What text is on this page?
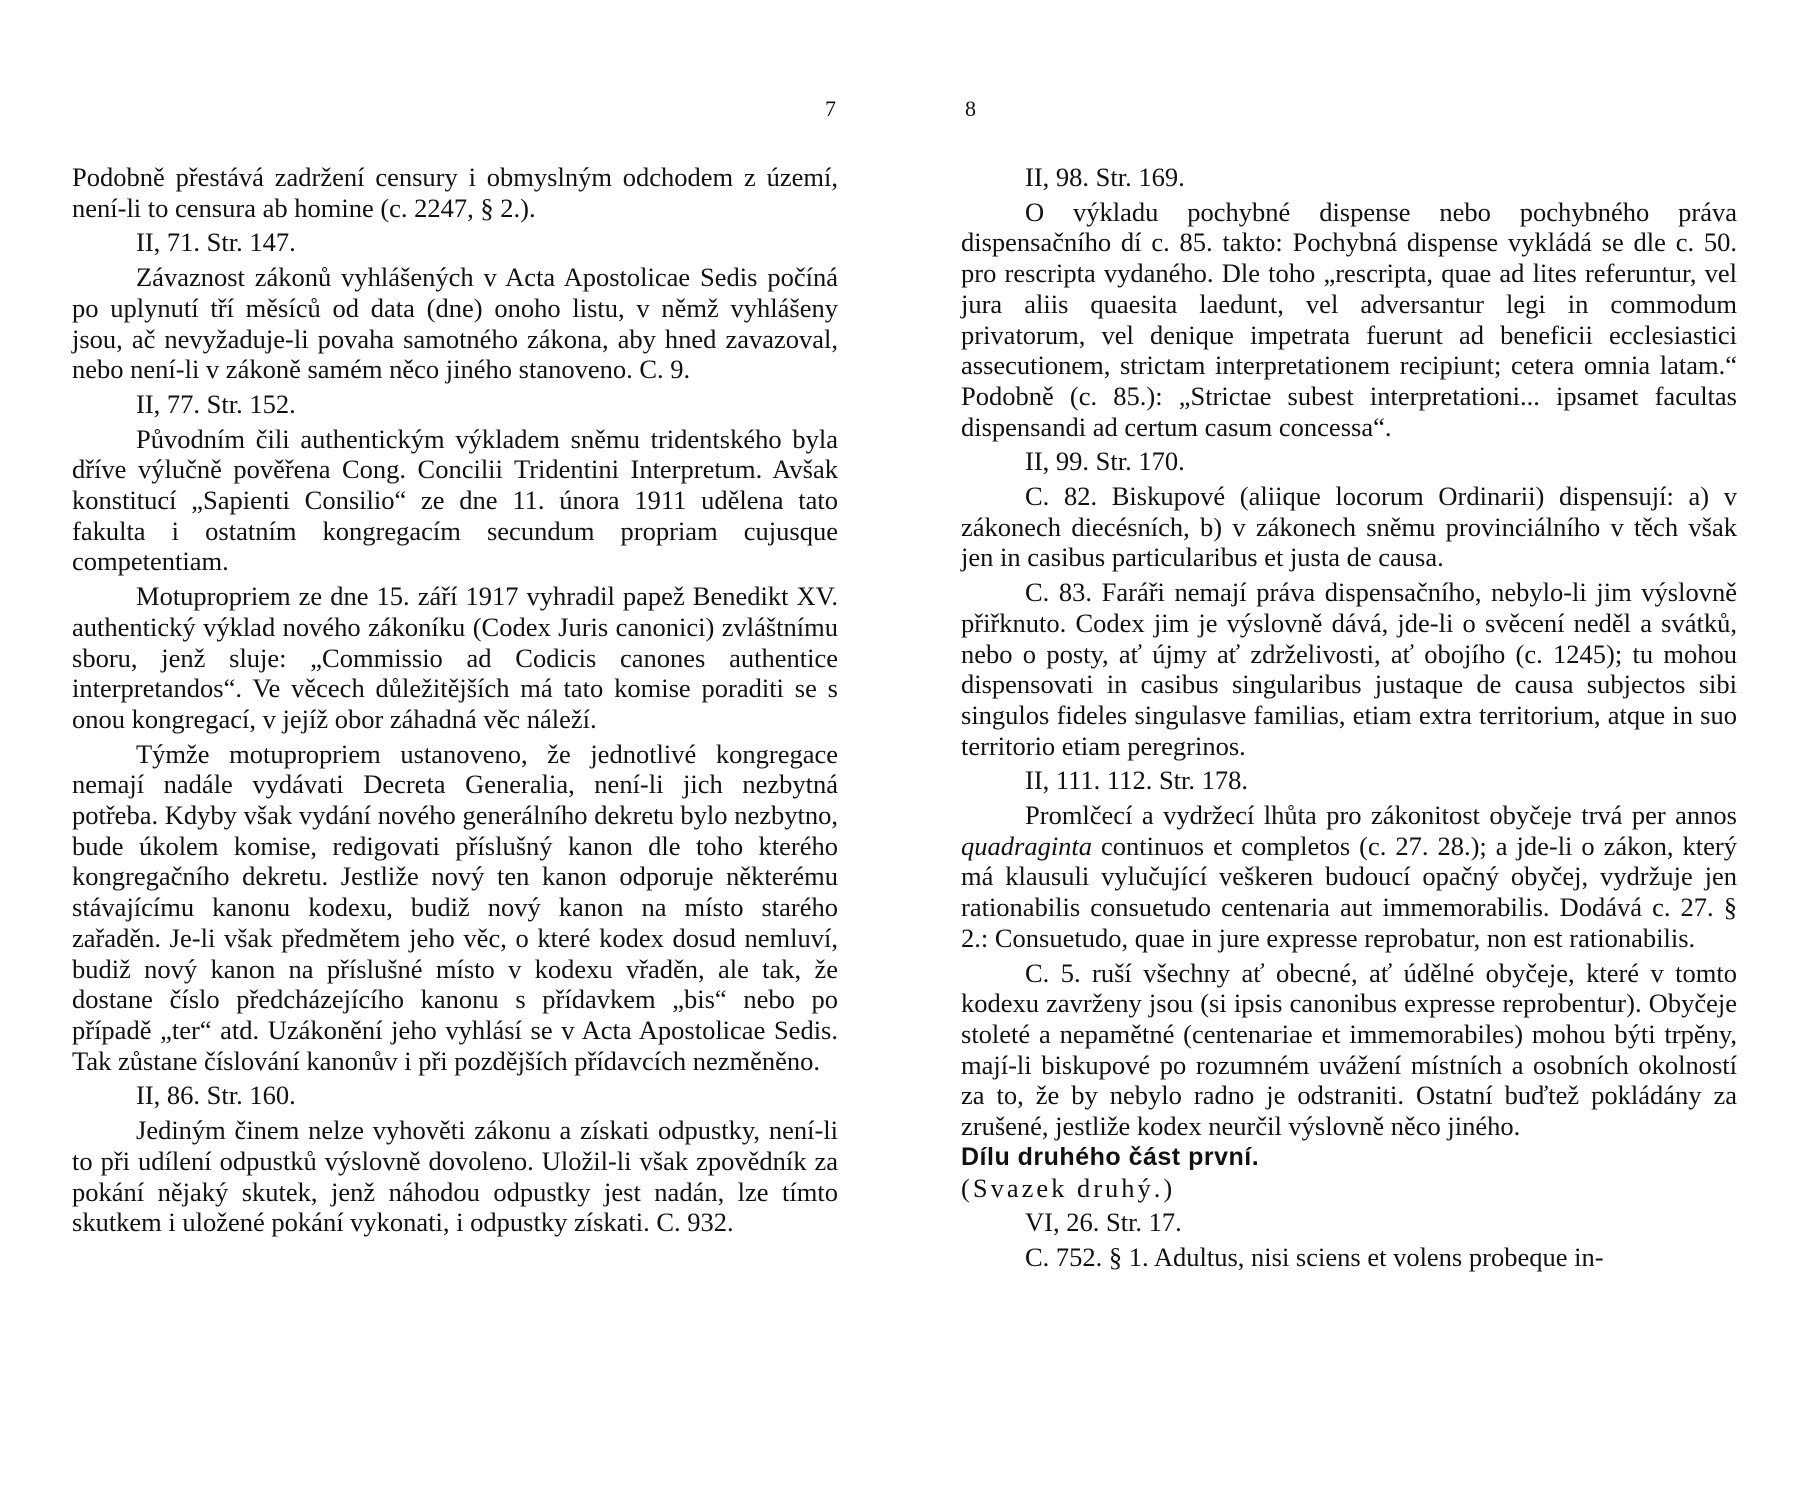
7

Podobně přestává zadržení censury i obmyslným odchodem z území, není-li to censura ab homine (c. 2247, § 2.).

II, 71. Str. 147.

Závaznost zákonů vyhlášených v Acta Apostolicae Sedis počíná po uplynutí tří měsíců od data (dne) onoho listu, v němž vyhlášeny jsou, ač nevyžaduje-li povaha samotného zákona, aby hned zavazoval, nebo není-li v zákoně samém něco jiného stanoveno. C. 9.

II, 77. Str. 152.

Původním čili authentickým výkladem sněmu tridentského byla dříve výlučně pověřena Cong. Concilii Tridentini Interpretum. Avšak konstitucí „Sapienti Consilio“ ze dne 11. února 1911 udělena tato fakulta i ostatním kongregacím secundum propriam cujusque competentiam.

Motupropriem ze dne 15. září 1917 vyhradil papež Benedikt XV. authentický výklad nového zákoníku (Codex Juris canonici) zvláštnímu sboru, jenž sluje: „Commissio ad Codicis canones authentice interpretandos“. Ve věcech důležitějších má tato komise poraditi se s onou kongregací, v jejíž obor záhadná věc náleží.

Týmže motupropriem ustanoveno, že jednotlivé kongregace nemají nadále vydávati Decreta Generalia, není-li jich nezbytná potřeba. Kdyby však vydání nového generálního dekretu bylo nezbytno, bude úkolem komise, redigovati příslušný kanon dle toho kterého kongregačního dekretu. Jestliže nový ten kanon odporuje některému stávajícímu kanonu kodexu, budiž nový kanon na místo starého zařaděn. Je-li však předmětem jeho věc, o které kodex dosud nemluví, budiž nový kanon na příslušné místo v kodexu vřaděn, ale tak, že dostane číslo předcházejícího kanonu s přídavkem „bis“ nebo po případě „ter“ atd. Uzákonění jeho vyhlásí se v Acta Apostolicae Sedis. Tak zůstane číslování kanonův i při pozdějších přídavcích nezměněno.

II, 86. Str. 160.

Jediným činem nelze vyhověti zákonu a získati odpustky, není-li to při udílení odpustků výslovně dovoleno. Uložil-li však zpovědník za pokání nějaký skutek, jenž náhodou odpustky jest nadán, lze tímto skutkem i uložené pokání vykonati, i odpustky získati. C. 932.

8

II, 98. Str. 169.

O výkladu pochybné dispense nebo pochybného práva dispensačního dí c. 85. takto: Pochybná dispense vykládá se dle c. 50. pro rescripta vydaného. Dle toho „rescripta, quae ad lites referuntur, vel jura aliis quaesita laedunt, vel adversantur legi in commodum privatorum, vel denique impetrata fuerunt ad beneficii ecclesiastici assecutionem, strictam interpretationem recipiunt; cetera omnia latam.“ Podobně (c. 85.): „Strictae subest interpretationi... ipsamet facultas dispensandi ad certum casum concessa“.

II, 99. Str. 170.

C. 82. Biskupové (aliique locorum Ordinarii) dispensují: a) v zákonech diecésních, b) v zákonech sněmu provinciálního v těch však jen in casibus particularibus et justa de causa.

C. 83. Faráři nemají práva dispensačního, nebylo-li jim výslovně přiřknuto. Codex jim je výslovně dává, jde-li o svěcení neděl a svátků, nebo o posty, ať újmy ať zdrželivosti, ať obojího (c. 1245); tu mohou dispensovati in casibus singularibus justaque de causa subjectos sibi singulos fideles singulasve familias, etiam extra territorium, atque in suo territorio etiam peregrinos.

II, 111. 112. Str. 178.

Promlčecí a vydržecí lhůta pro zákonitost obyčeje trvá per annos quadraginta continuos et completos (c. 27. 28.); a jde-li o zákon, který má klausuli vylučující veškeren budoucí opačný obyčej, vydržuje jen rationabilis consuetudo centenaria aut immemorabilis. Dodává c. 27. § 2.: Consuetudo, quae in jure expresse reprobatur, non est rationabilis.

C. 5. ruší všechny ať obecné, ať údělné obyčeje, které v tomto kodexu zavrženy jsou (si ipsis canonibus expresse reprobentur). Obyčeje stoleté a nepamětné (centenariae et immemorabiles) mohou býti trpěny, mají-li biskupové po rozumném uvážení místních a osobních okolností za to, že by nebylo radno je odstraniti. Ostatní buďtež pokládány za zrušené, jestliže kodex neurčil výslovně něco jiného.

Dílu druhého část první.

(Svazek druhý.)

VI, 26. Str. 17.

C. 752. § 1. Adultus, nisi sciens et volens probeque in-
